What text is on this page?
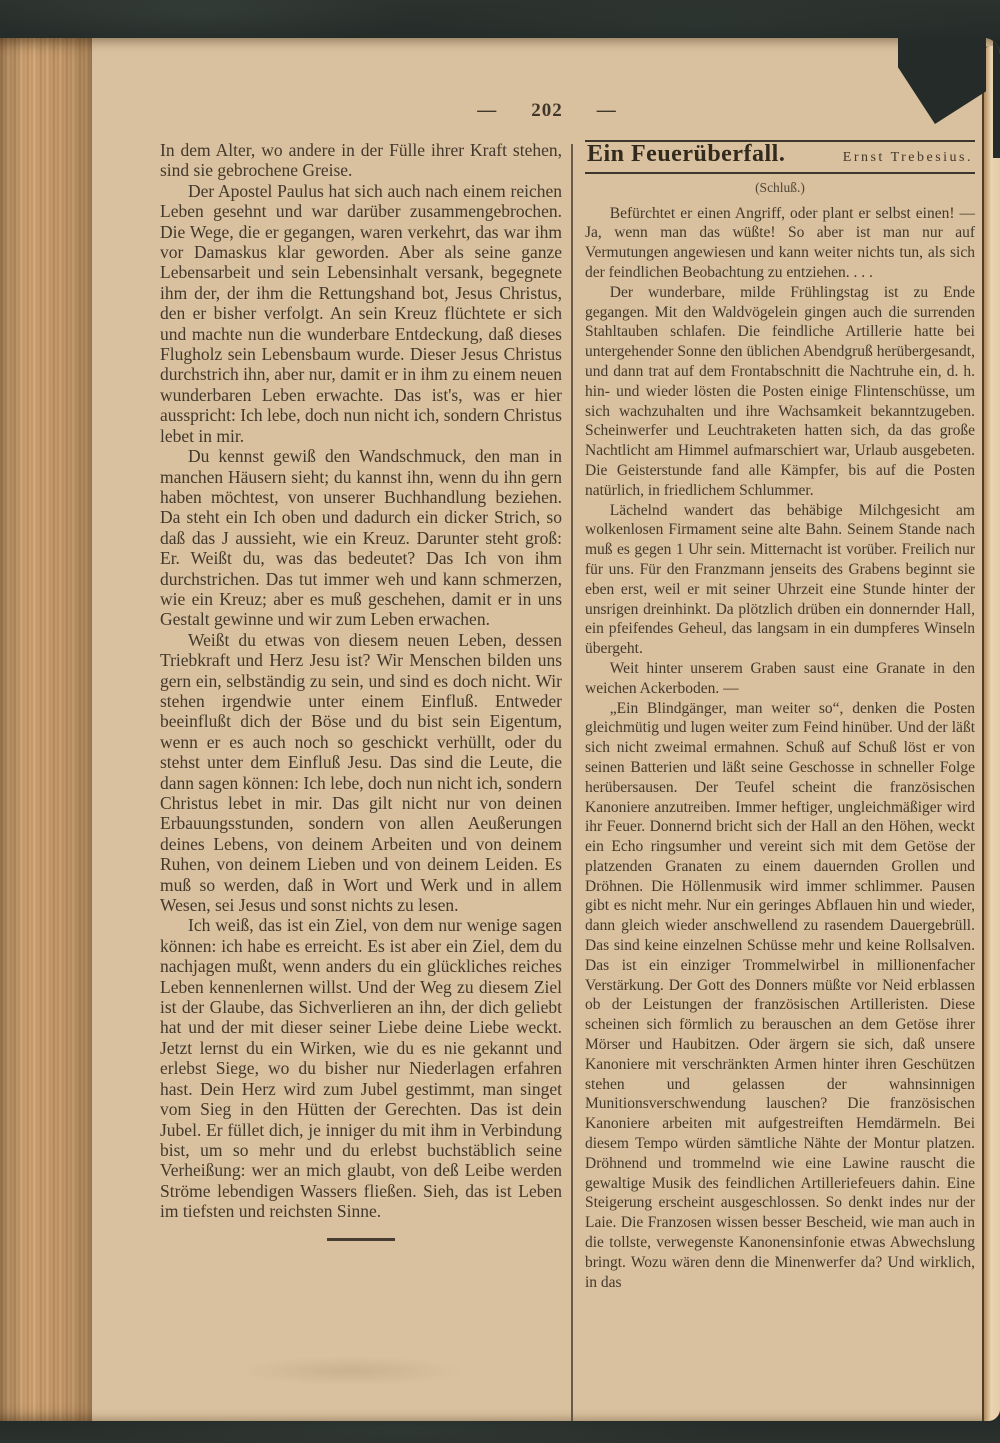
— 202 —

In dem Alter, wo andere in der Fülle ihrer Kraft stehen, sind sie gebrochene Greise.

Der Apostel Paulus hat sich auch nach einem reichen Leben gesehnt und war darüber zusammengebrochen. Die Wege, die er gegangen, waren verkehrt, das war ihm vor Damaskus klar geworden. Aber als seine ganze Lebensarbeit und sein Lebensinhalt versank, begegnete ihm der, der ihm die Rettungshand bot, Jesus Christus, den er bisher verfolgt. An sein Kreuz flüchtete er sich und machte nun die wunderbare Entdeckung, daß dieses Flugholz sein Lebensbaum wurde. Dieser Jesus Christus durchstrich ihn, aber nur, damit er in ihm zu einem neuen wunderbaren Leben erwachte. Das ist's, was er hier ausspricht: Ich lebe, doch nun nicht ich, sondern Christus lebet in mir.

Du kennst gewiß den Wandschmuck, den man in manchen Häusern sieht; du kannst ihn, wenn du ihn gern haben möchtest, von unserer Buchhandlung beziehen. Da steht ein Ich oben und dadurch ein dicker Strich, so daß das J aussieht, wie ein Kreuz. Darunter steht groß: Er. Weißt du, was das bedeutet? Das Ich von ihm durchstrichen. Das tut immer weh und kann schmerzen, wie ein Kreuz; aber es muß geschehen, damit er in uns Gestalt gewinne und wir zum Leben erwachen.

Weißt du etwas von diesem neuen Leben, dessen Triebkraft und Herz Jesu ist? Wir Menschen bilden uns gern ein, selbständig zu sein, und sind es doch nicht. Wir stehen irgendwie unter einem Einfluß. Entweder beeinflußt dich der Böse und du bist sein Eigentum, wenn er es auch noch so geschickt verhüllt, oder du stehst unter dem Einfluß Jesu. Das sind die Leute, die dann sagen können: Ich lebe, doch nun nicht ich, sondern Christus lebet in mir. Das gilt nicht nur von deinen Erbauungsstunden, sondern von allen Aeußerungen deines Lebens, von deinem Arbeiten und von deinem Ruhen, von deinem Lieben und von deinem Leiden. Es muß so werden, daß in Wort und Werk und in allem Wesen, sei Jesus und sonst nichts zu lesen.

Ich weiß, das ist ein Ziel, von dem nur wenige sagen können: ich habe es erreicht. Es ist aber ein Ziel, dem du nachjagen mußt, wenn anders du ein glückliches reiches Leben kennenlernen willst. Und der Weg zu diesem Ziel ist der Glaube, das Sichverlieren an ihn, der dich geliebt hat und der mit dieser seiner Liebe deine Liebe weckt. Jetzt lernst du ein Wirken, wie du es nie gekannt und erlebst Siege, wo du bisher nur Niederlagen erfahren hast. Dein Herz wird zum Jubel gestimmt, man singet vom Sieg in den Hütten der Gerechten. Das ist dein Jubel. Er füllet dich, je inniger du mit ihm in Verbindung bist, um so mehr und du erlebst buchstäblich seine Verheißung: wer an mich glaubt, von deß Leibe werden Ströme lebendigen Wassers fließen. Sieh, das ist Leben im tiefsten und reichsten Sinne.

Ein Feuerüberfall.	Ernst Trebesius.
(Schluß.)

Befürchtet er einen Angriff, oder plant er selbst einen! — Ja, wenn man das wüßte! So aber ist man nur auf Vermutungen angewiesen und kann weiter nichts tun, als sich der feindlichen Beobachtung zu entziehen. . . .

Der wunderbare, milde Frühlingstag ist zu Ende gegangen. Mit den Waldvögelein gingen auch die surrenden Stahltauben schlafen. Die feindliche Artillerie hatte bei untergehender Sonne den üblichen Abendgruß herübergesandt, und dann trat auf dem Frontabschnitt die Nachtruhe ein, d. h. hin- und wieder lösten die Posten einige Flintenschüsse, um sich wachzuhalten und ihre Wachsamkeit bekanntzugeben. Scheinwerfer und Leuchtraketen hatten sich, da das große Nachtlicht am Himmel aufmarschiert war, Urlaub ausgebeten. Die Geisterstunde fand alle Kämpfer, bis auf die Posten natürlich, in friedlichem Schlummer.

Lächelnd wandert das behäbige Milchgesicht am wolkenlosen Firmament seine alte Bahn. Seinem Stande nach muß es gegen 1 Uhr sein. Mitternacht ist vorüber. Freilich nur für uns. Für den Franzmann jenseits des Grabens beginnt sie eben erst, weil er mit seiner Uhrzeit eine Stunde hinter der unsrigen dreinhinkt. Da plötzlich drüben ein donnernder Hall, ein pfeifendes Geheul, das langsam in ein dumpferes Winseln übergeht.

Weit hinter unserem Graben saust eine Granate in den weichen Ackerboden. —

„Ein Blindgänger, man weiter so“, denken die Posten gleichmütig und lugen weiter zum Feind hinüber. Und der läßt sich nicht zweimal ermahnen. Schuß auf Schuß löst er von seinen Batterien und läßt seine Geschosse in schneller Folge herübersausen. Der Teufel scheint die französischen Kanoniere anzutreiben. Immer heftiger, ungleichmäßiger wird ihr Feuer. Donnernd bricht sich der Hall an den Höhen, weckt ein Echo ringsumher und vereint sich mit dem Getöse der platzenden Granaten zu einem dauernden Grollen und Dröhnen. Die Höllenmusik wird immer schlimmer. Pausen gibt es nicht mehr. Nur ein geringes Abflauen hin und wieder, dann gleich wieder anschwellend zu rasendem Dauergebrüll. Das sind keine einzelnen Schüsse mehr und keine Rollsalven. Das ist ein einziger Trommelwirbel in millionenfacher Verstärkung. Der Gott des Donners müßte vor Neid erblassen ob der Leistungen der französischen Artilleristen. Diese scheinen sich förmlich zu berauschen an dem Getöse ihrer Mörser und Haubitzen. Oder ärgern sie sich, daß unsere Kanoniere mit verschränkten Armen hinter ihren Geschützen stehen und gelassen der wahnsinnigen Munitionsverschwendung lauschen? Die französischen Kanoniere arbeiten mit aufgestreiften Hemdärmeln. Bei diesem Tempo würden sämtliche Nähte der Montur platzen. Dröhnend und trommelnd wie eine Lawine rauscht die gewaltige Musik des feindlichen Artilleriefeuers dahin. Eine Steigerung erscheint ausgeschlossen. So denkt indes nur der Laie. Die Franzosen wissen besser Bescheid, wie man auch in die tollste, verwegenste Kanonensinfonie etwas Abwechslung bringt. Wozu wären denn die Minenwerfer da? Und wirklich, in das
